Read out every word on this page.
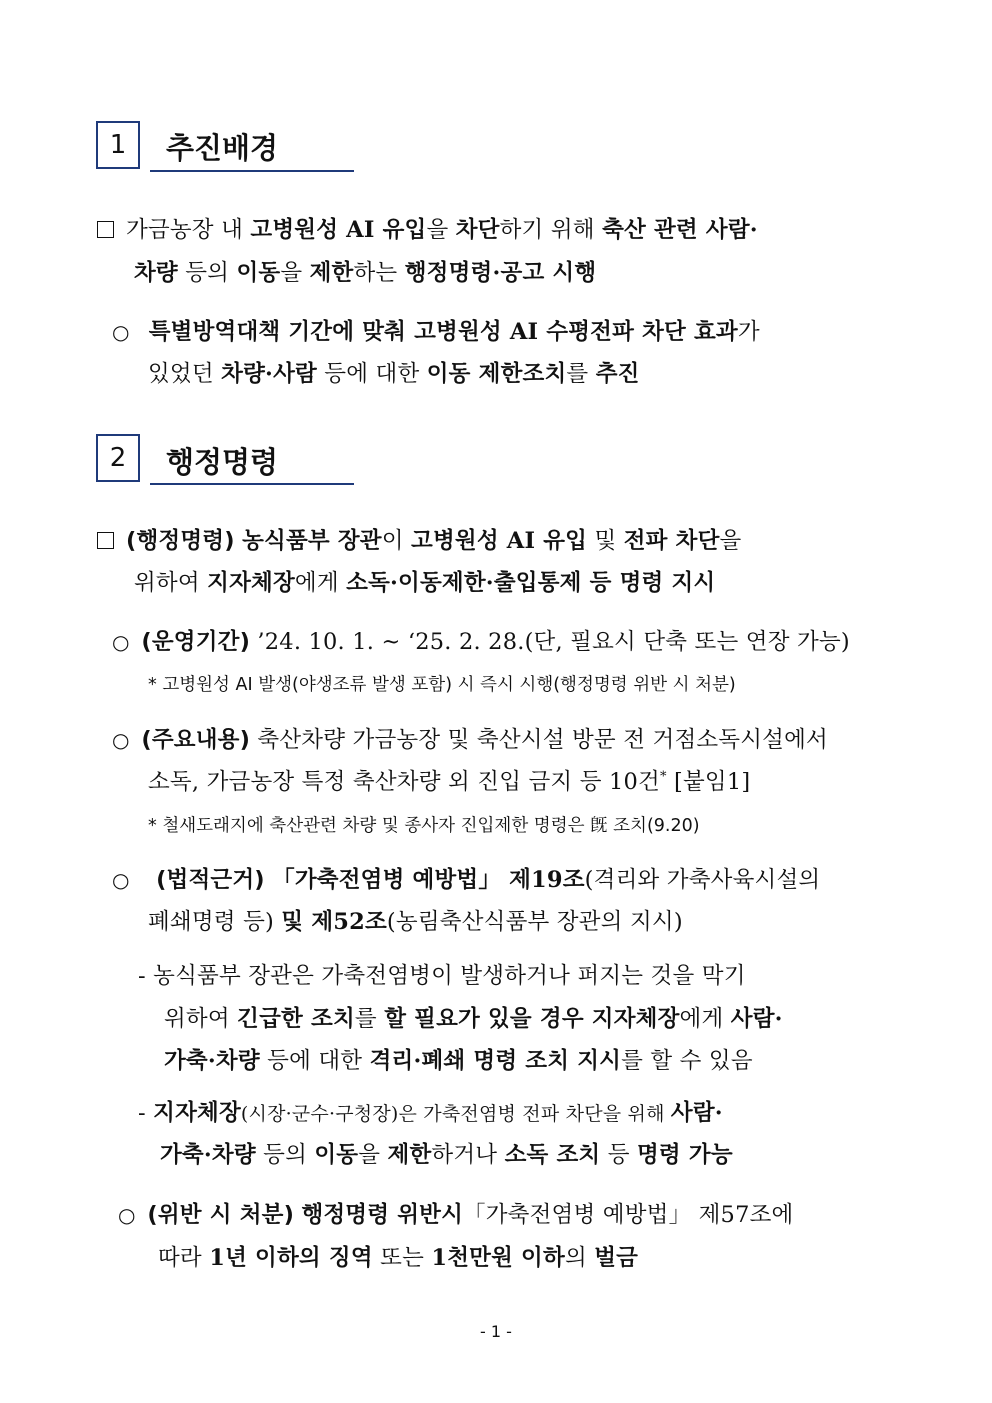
1	추진배경
가금농장 내 고병원성 AI 유입을 차단하기 위해 축산 관련 사람·
차량 등의 이동을 제한하는 행정명령·공고 시행
○ 특별방역대책 기간에 맞춰 고병원성 AI 수평전파 차단 효과가
있었던 차량·사람 등에 대한 이동 제한조치를 추진
2	행정명령
(행정명령) 농식품부 장관이 고병원성 AI 유입 및 전파 차단을
위하여 지자체장에게 소독·이동제한·출입통제 등 명령 지시
○ (운영기간) ’24. 10. 1. ~ ‘25. 2. 28.(단, 필요시 단축 또는 연장 가능)
* 고병원성 AI 발생(야생조류 발생 포함) 시 즉시 시행(행정명령 위반 시 처분)
○ (주요내용) 축산차량 가금농장 및 축산시설 방문 전 거점소독시설에서
소독, 가금농장 특정 축산차량 외 진입 금지 등 10건* [붙임1]
* 철새도래지에 축산관련 차량 및 종사자 진입제한 명령은 旣 조치(9.20)
○ (법적근거) 「가축전염병 예방법」 제19조(격리와 가축사육시설의
폐쇄명령 등) 및 제52조(농림축산식품부 장관의 지시)
- 농식품부 장관은 가축전염병이 발생하거나 퍼지는 것을 막기
위하여 긴급한 조치를 할 필요가 있을 경우 지자체장에게 사람·
가축·차량 등에 대한 격리·폐쇄 명령 조치 지시를 할 수 있음
- 지자체장(시장·군수·구청장)은 가축전염병 전파 차단을 위해 사람·
가축·차량 등의 이동을 제한하거나 소독 조치 등 명령 가능
○ (위반 시 처분) 행정명령 위반시「가축전염병 예방법」 제57조에
따라 1년 이하의 징역 또는 1천만원 이하의 벌금
- 1 -
